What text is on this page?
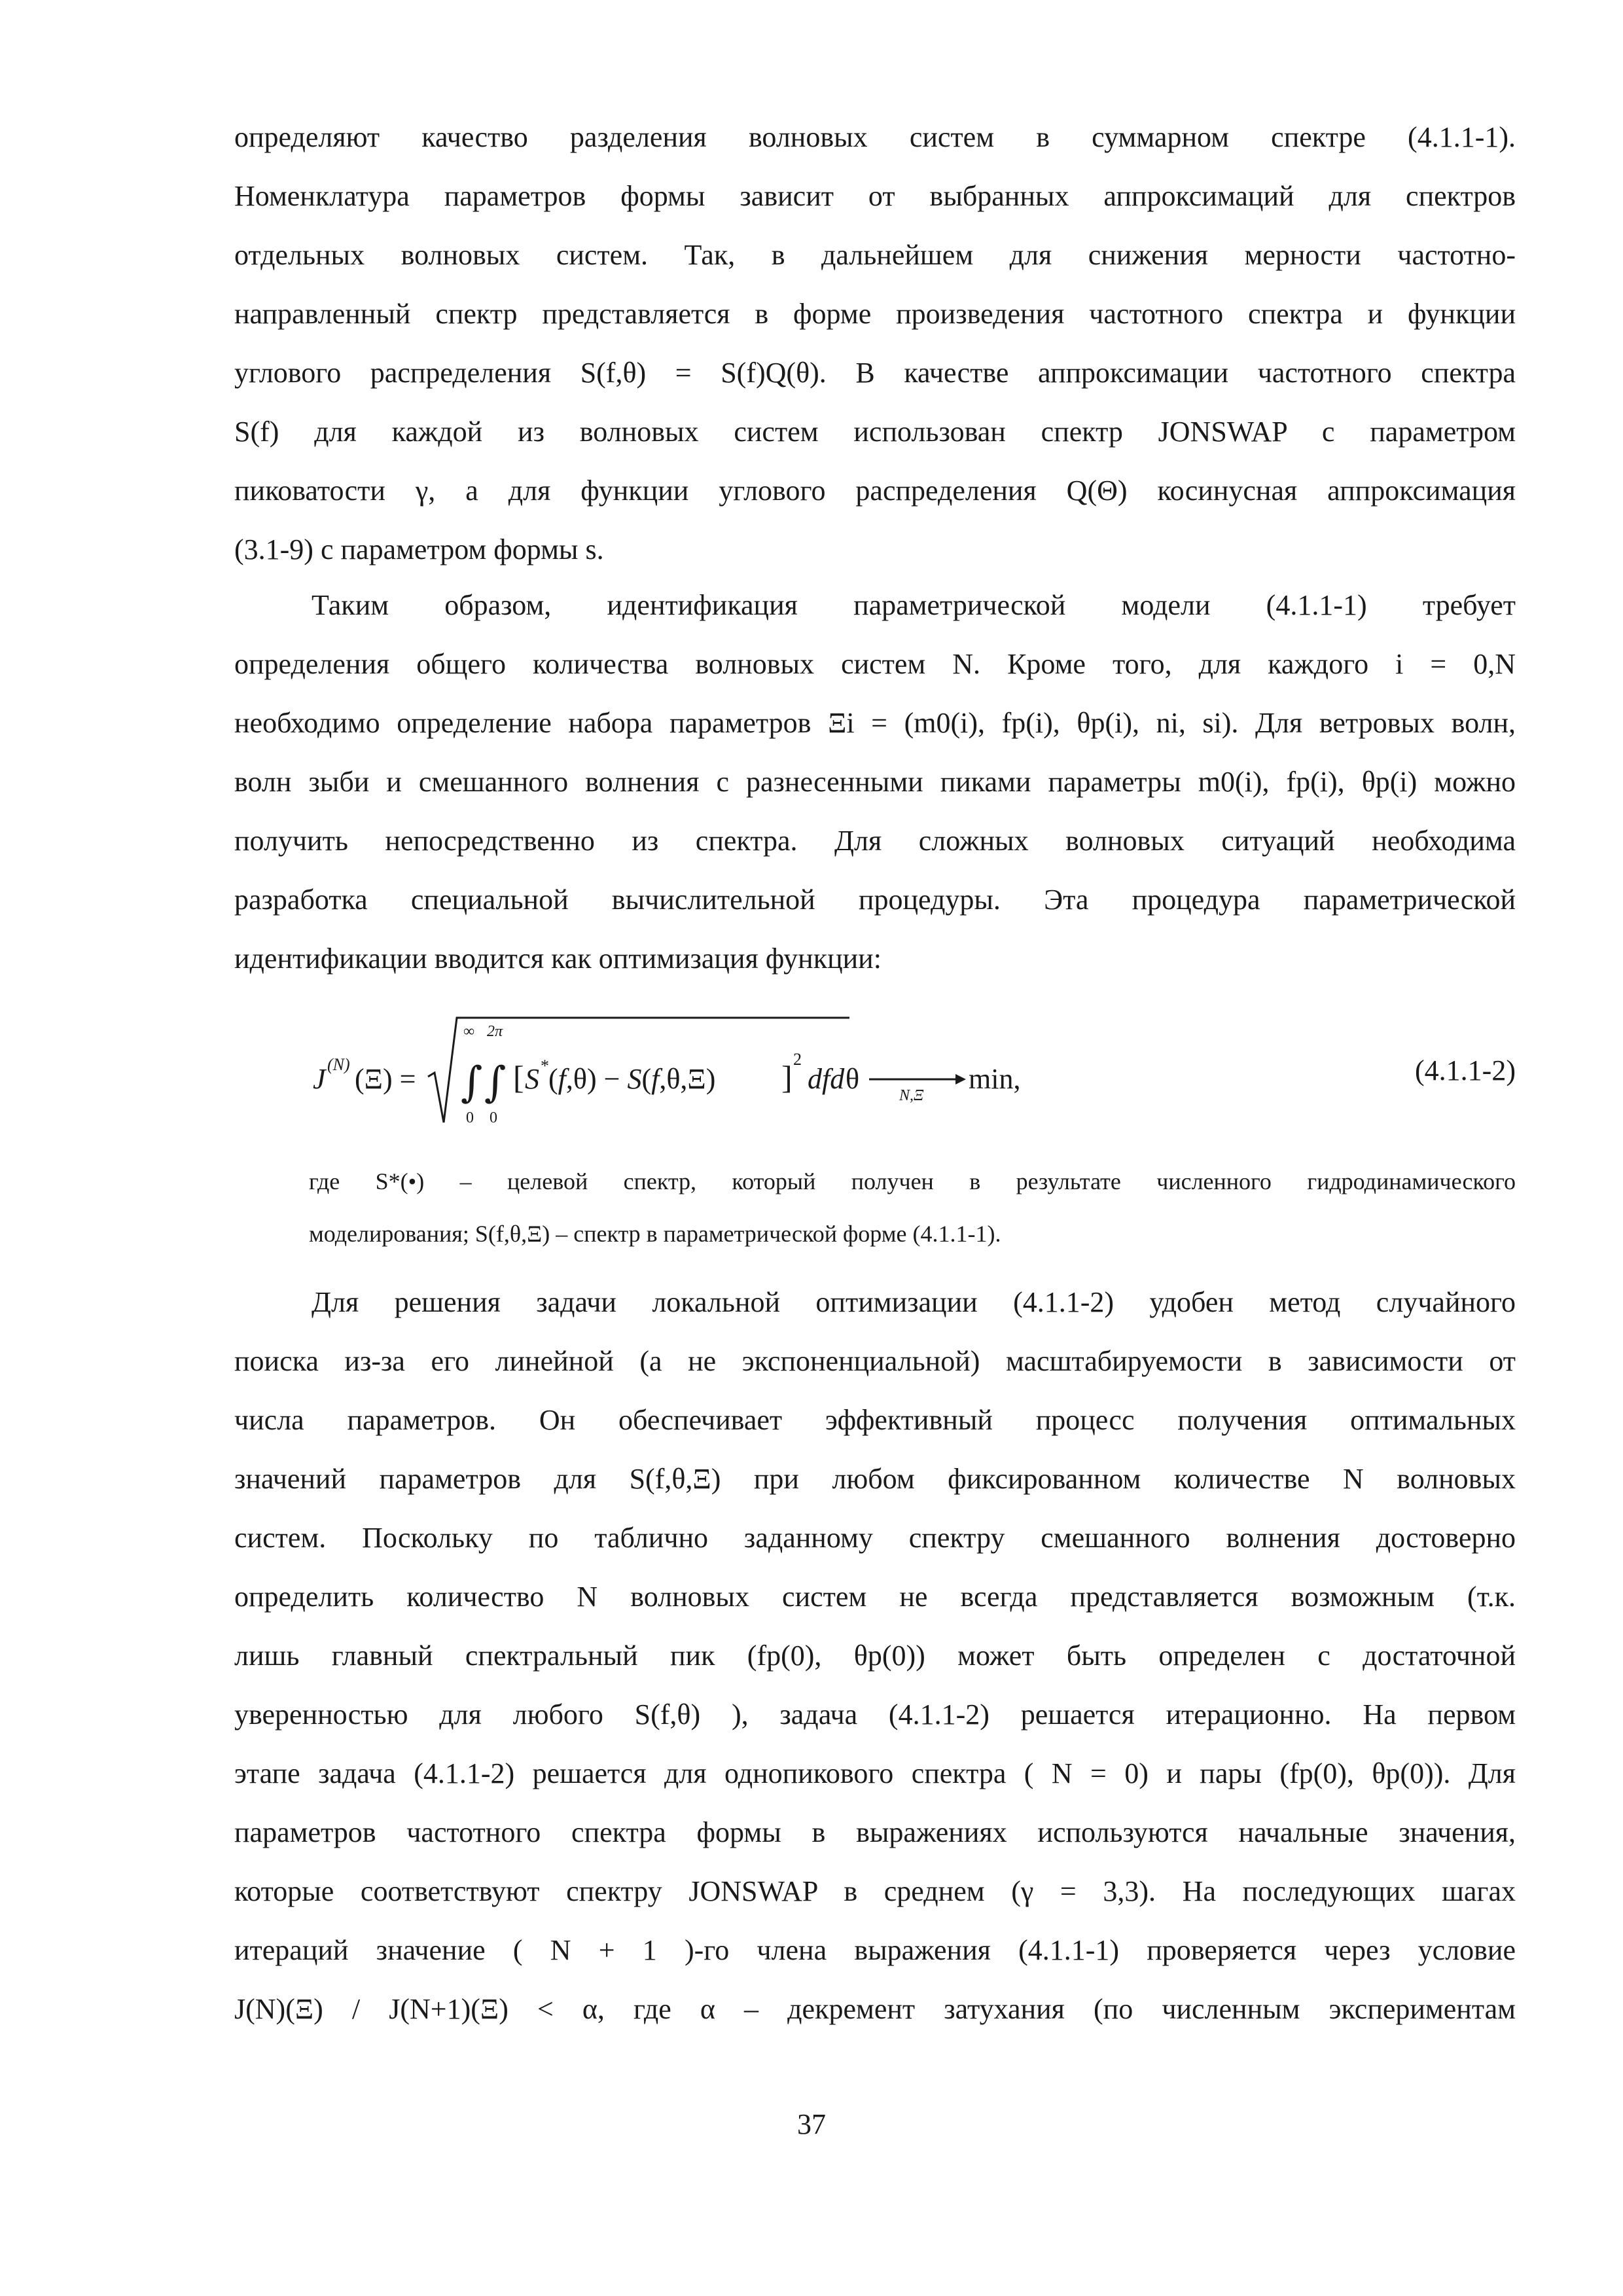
определяют качество разделения волновых систем в суммарном спектре (4.1.1-1).
Номенклатура параметров формы зависит от выбранных аппроксимаций для спектров
отдельных волновых систем. Так, в дальнейшем для снижения мерности частотно-
направленный спектр представляется в форме произведения частотного спектра и функции
углового распределения S(f,θ) = S(f)Q(θ). В качестве аппроксимации частотного спектра
S(f) для каждой из волновых систем использован спектр JONSWAP с параметром
пиковатости γ, а для функции углового распределения Q(Θ) косинусная аппроксимация
(3.1-9) с параметром формы s.
Таким образом, идентификация параметрической модели (4.1.1-1) требует
определения общего количества волновых систем N. Кроме того, для каждого i = 0,N
необходимо определение набора параметров Ξi = (m0(i), fp(i), θp(i), ni, si). Для ветровых волн,
волн зыби и смешанного волнения с разнесенными пиками параметры m0(i), fp(i), θp(i) можно
получить непосредственно из спектра. Для сложных волновых ситуаций необходима
разработка специальной вычислительной процедуры. Эта процедура параметрической
идентификации вводится как оптимизация функции:
J (N) (Ξ) = ∫ ∫
∞ 2π
0 0
[ S * (f,θ) − S(f,θ,Ξ) ] 2
dfd θ
N,Ξ
min,	(4.1.1-2)
где S*(•) – целевой спектр, который получен в результате численного гидродинамического
моделирования; S(f,θ,Ξ) – спектр в параметрической форме (4.1.1-1).
Для решения задачи локальной оптимизации (4.1.1-2) удобен метод случайного
поиска из-за его линейной (а не экспоненциальной) масштабируемости в зависимости от
числа параметров. Он обеспечивает эффективный процесс получения оптимальных
значений параметров для S(f,θ,Ξ) при любом фиксированном количестве N волновых
систем. Поскольку по таблично заданному спектру смешанного волнения достоверно
определить количество N волновых систем не всегда представляется возможным (т.к.
лишь главный спектральный пик (fp(0), θp(0)) может быть определен с достаточной
уверенностью для любого S(f,θ) ), задача (4.1.1-2) решается итерационно. На первом
этапе задача (4.1.1-2) решается для однопикового спектра ( N = 0) и пары (fp(0), θp(0)). Для
параметров частотного спектра формы в выражениях используются начальные значения,
которые соответствуют спектру JONSWAP в среднем (γ = 3,3). На последующих шагах
итераций значение ( N + 1 )-го члена выражения (4.1.1-1) проверяется через условие
J(N)(Ξ) / J(N+1)(Ξ) < α, где α – декремент затухания (по численным экспериментам
37
